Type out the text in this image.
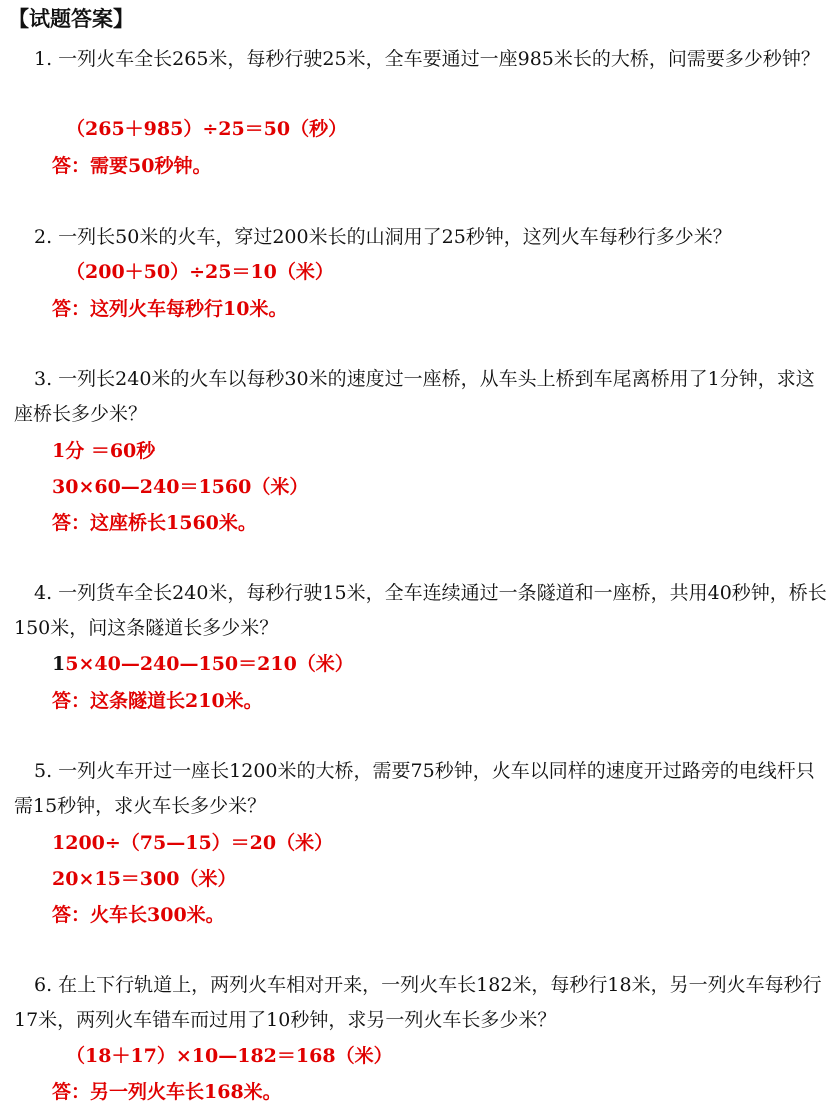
【试题答案】
1. 一列火车全长265米，每秒行驶25米，全车要通过一座985米长的大桥，问需要多少秒钟？
（265＋985）÷25＝50（秒）
答：需要50秒钟。
2. 一列长50米的火车，穿过200米长的山洞用了25秒钟，这列火车每秒行多少米？
（200＋50）÷25＝10（米）
答：这列火车每秒行10米。
3. 一列长240米的火车以每秒30米的速度过一座桥，从车头上桥到车尾离桥用了1分钟，求这座桥长多少米？
1分 ＝60秒
30×60—240＝1560（米）
答：这座桥长1560米。
4. 一列货车全长240米，每秒行驶15米，全车连续通过一条隧道和一座桥，共用40秒钟，桥长150米，问这条隧道长多少米？
15×40—240—150＝210（米）
答：这条隧道长210米。
5. 一列火车开过一座长1200米的大桥，需要75秒钟，火车以同样的速度开过路旁的电线杆只需15秒钟，求火车长多少米？
1200÷（75—15）＝20（米）
20×15＝300（米）
答：火车长300米。
6. 在上下行轨道上，两列火车相对开来，一列火车长182米，每秒行18米，另一列火车每秒行17米，两列火车错车而过用了10秒钟，求另一列火车长多少米？
（18＋17）×10—182＝168（米）
答：另一列火车长168米。
